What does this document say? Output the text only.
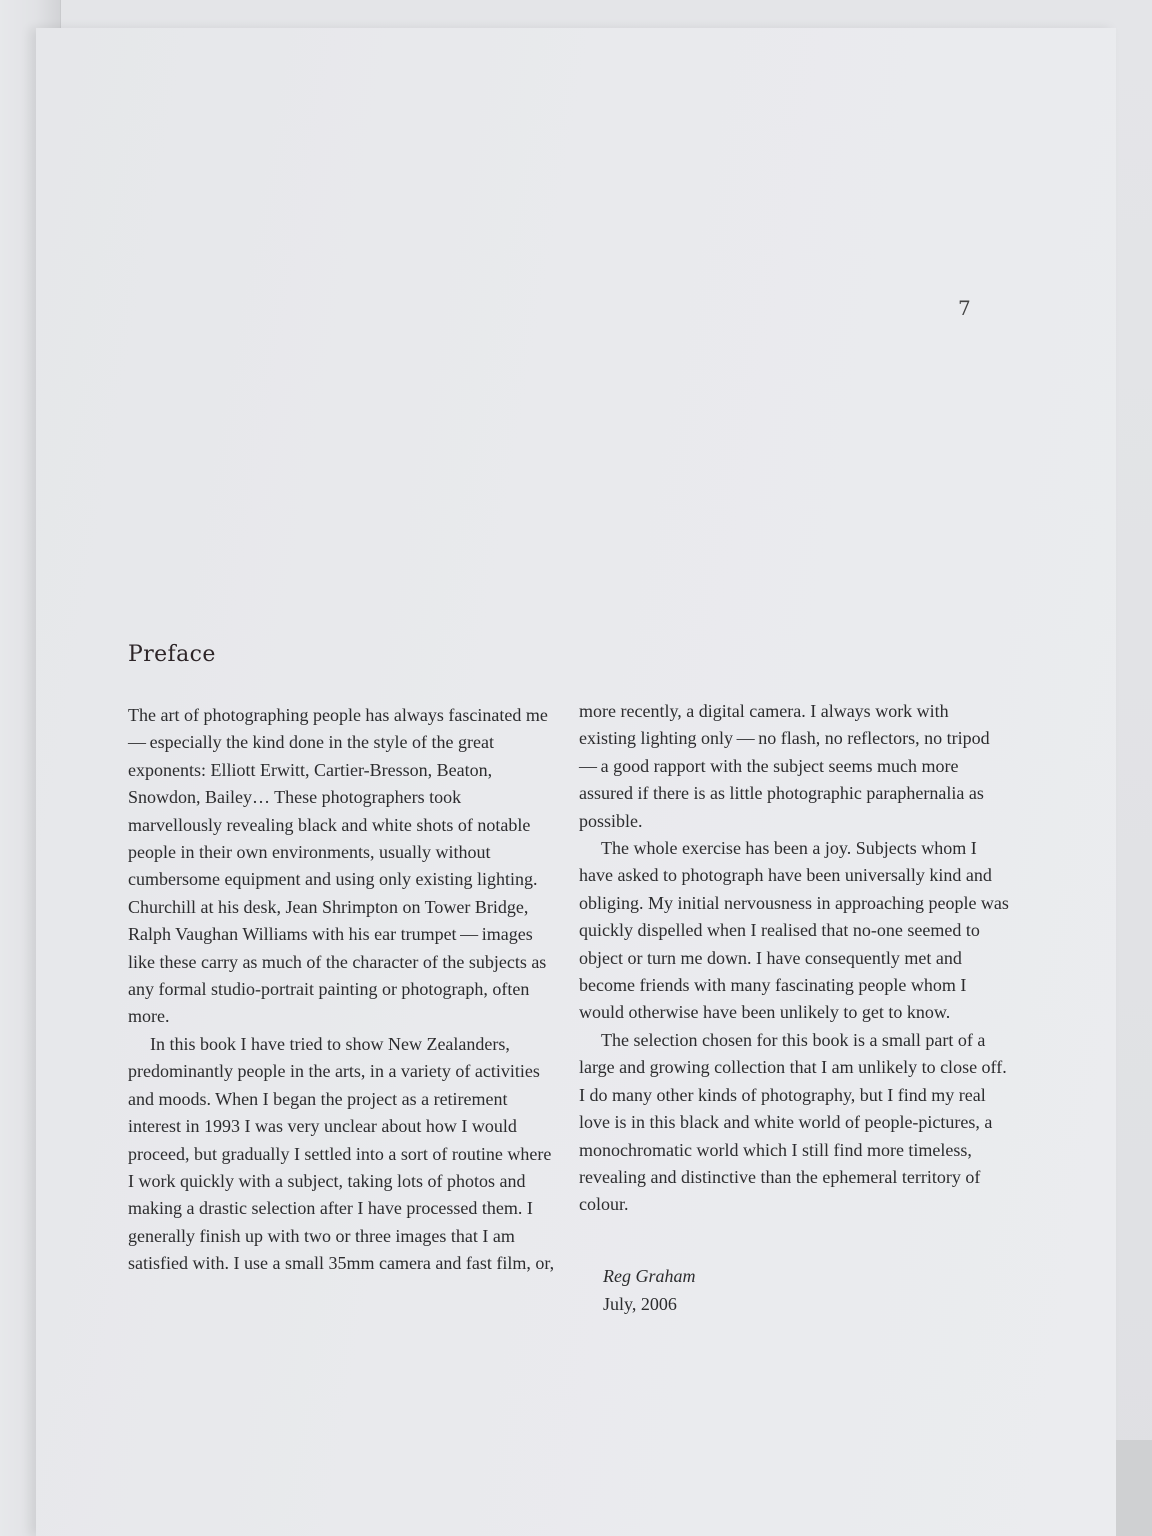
7
Preface

The art of photographing people has always fascinated me — especially the kind done in the style of the great exponents: Elliott Erwitt, Cartier-Bresson, Beaton, Snowdon, Bailey… These photographers took marvellously revealing black and white shots of notable people in their own environments, usually without cumbersome equipment and using only existing lighting. Churchill at his desk, Jean Shrimpton on Tower Bridge, Ralph Vaughan Williams with his ear trumpet — images like these carry as much of the character of the subjects as any formal studio-portrait painting or photograph, often more.

In this book I have tried to show New Zealanders, predominantly people in the arts, in a variety of activities and moods. When I began the project as a retirement interest in 1993 I was very unclear about how I would proceed, but gradually I settled into a sort of routine where I work quickly with a subject, taking lots of photos and making a drastic selection after I have processed them. I generally finish up with two or three images that I am satisfied with. I use a small 35mm camera and fast film, or,

more recently, a digital camera. I always work with existing lighting only — no flash, no reflectors, no tripod — a good rapport with the subject seems much more assured if there is as little photographic paraphernalia as possible.

The whole exercise has been a joy. Subjects whom I have asked to photograph have been universally kind and obliging. My initial nervousness in approaching people was quickly dispelled when I realised that no-one seemed to object or turn me down. I have consequently met and become friends with many fascinating people whom I would otherwise have been unlikely to get to know.

The selection chosen for this book is a small part of a large and growing collection that I am unlikely to close off. I do many other kinds of photography, but I find my real love is in this black and white world of people-pictures, a monochromatic world which I still find more timeless, revealing and distinctive than the ephemeral territory of colour.

Reg Graham
July, 2006
